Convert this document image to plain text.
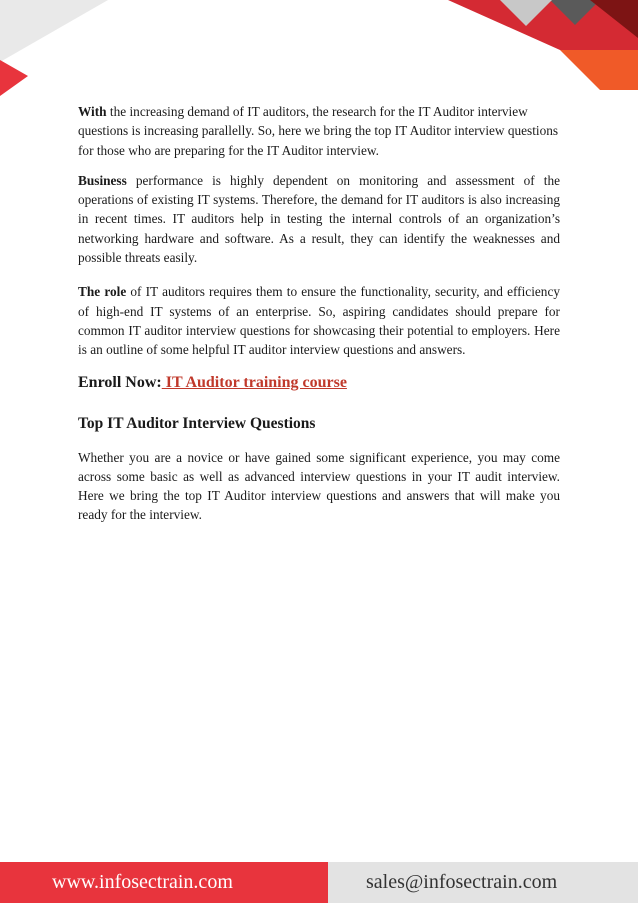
With the increasing demand of IT auditors, the research for the IT Auditor interview questions is increasing parallelly. So, here we bring the top IT Auditor interview questions for those who are preparing for the IT Auditor interview.

Business performance is highly dependent on monitoring and assessment of the operations of existing IT systems. Therefore, the demand for IT auditors is also increasing in recent times. IT auditors help in testing the internal controls of an organization’s networking hardware and software. As a result, they can identify the weaknesses and possible threats easily.

The role of IT auditors requires them to ensure the functionality, security, and efficiency of high-end IT systems of an enterprise. So, aspiring candidates should prepare for common IT auditor interview questions for showcasing their potential to employers. Here is an outline of some helpful IT auditor interview questions and answers.

Enroll Now: IT Auditor training course
Top IT Auditor Interview Questions

Whether you are a novice or have gained some significant experience, you may come across some basic as well as advanced interview questions in your IT audit interview. Here we bring the top IT Auditor interview questions and answers that will make you ready for the interview.

www.infosectrain.com	sales@infosectrain.com
